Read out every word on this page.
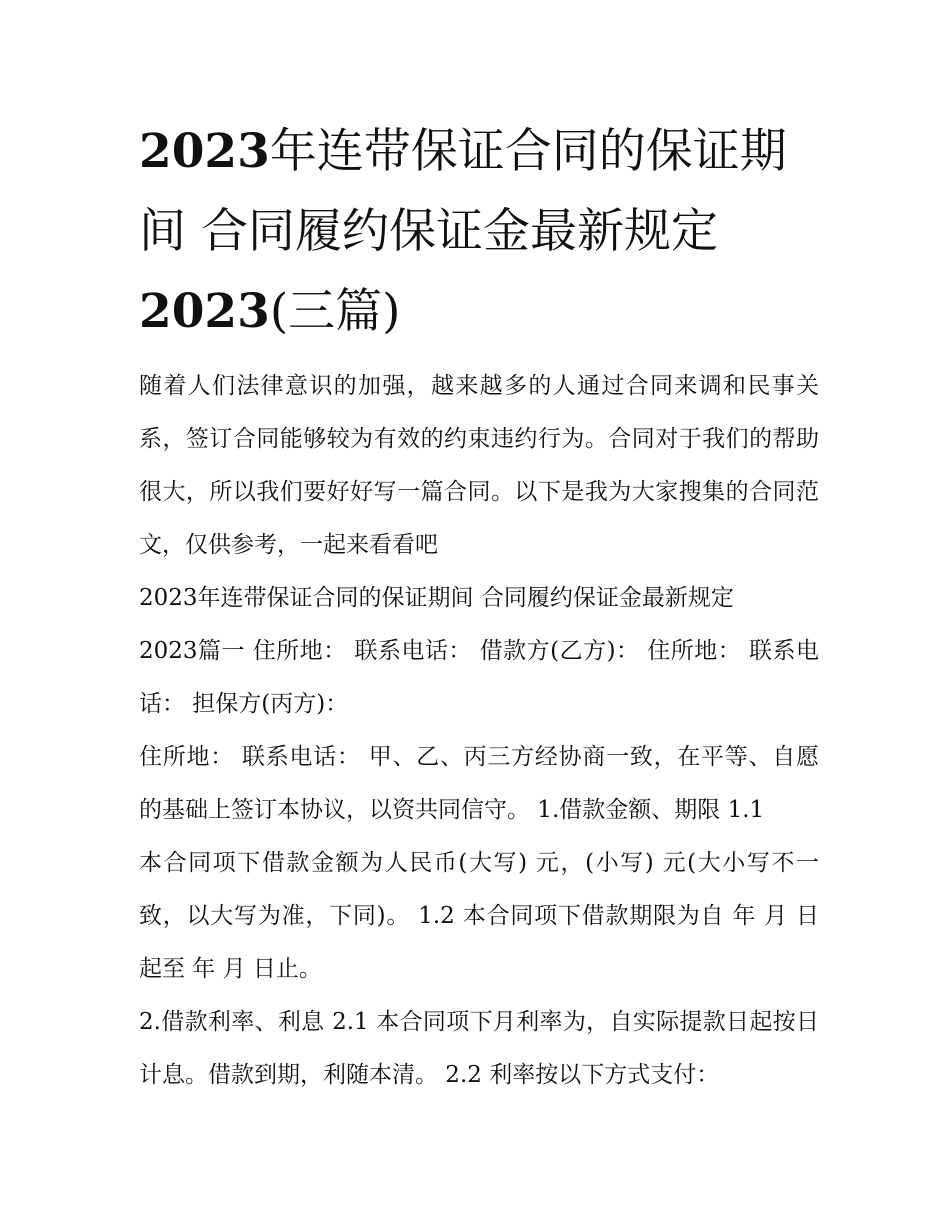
2023年连带保证合同的保证期间 合同履约保证金最新规定
2023(三篇)

随着人们法律意识的加强，越来越多的人通过合同来调和民事关系，签订合同能够较为有效的约束违约行为。合同对于我们的帮助很大，所以我们要好好写一篇合同。以下是我为大家搜集的合同范文，仅供参考，一起来看看吧

2023年连带保证合同的保证期间 合同履约保证金最新规定

2023篇一 住所地： 联系电话： 借款方(乙方)： 住所地： 联系电话： 担保方(丙方)：

住所地： 联系电话： 甲、乙、丙三方经协商一致，在平等、自愿的基础上签订本协议，以资共同信守。 1.借款金额、期限 1.1

本合同项下借款金额为人民币(大写) 元，(小写) 元(大小写不一致，以大写为准，下同)。 1.2 本合同项下借款期限为自 年 月 日起至 年 月 日止。

2.借款利率、利息 2.1 本合同项下月利率为，自实际提款日起按日计息。借款到期，利随本清。 2.2 利率按以下方式支付：
